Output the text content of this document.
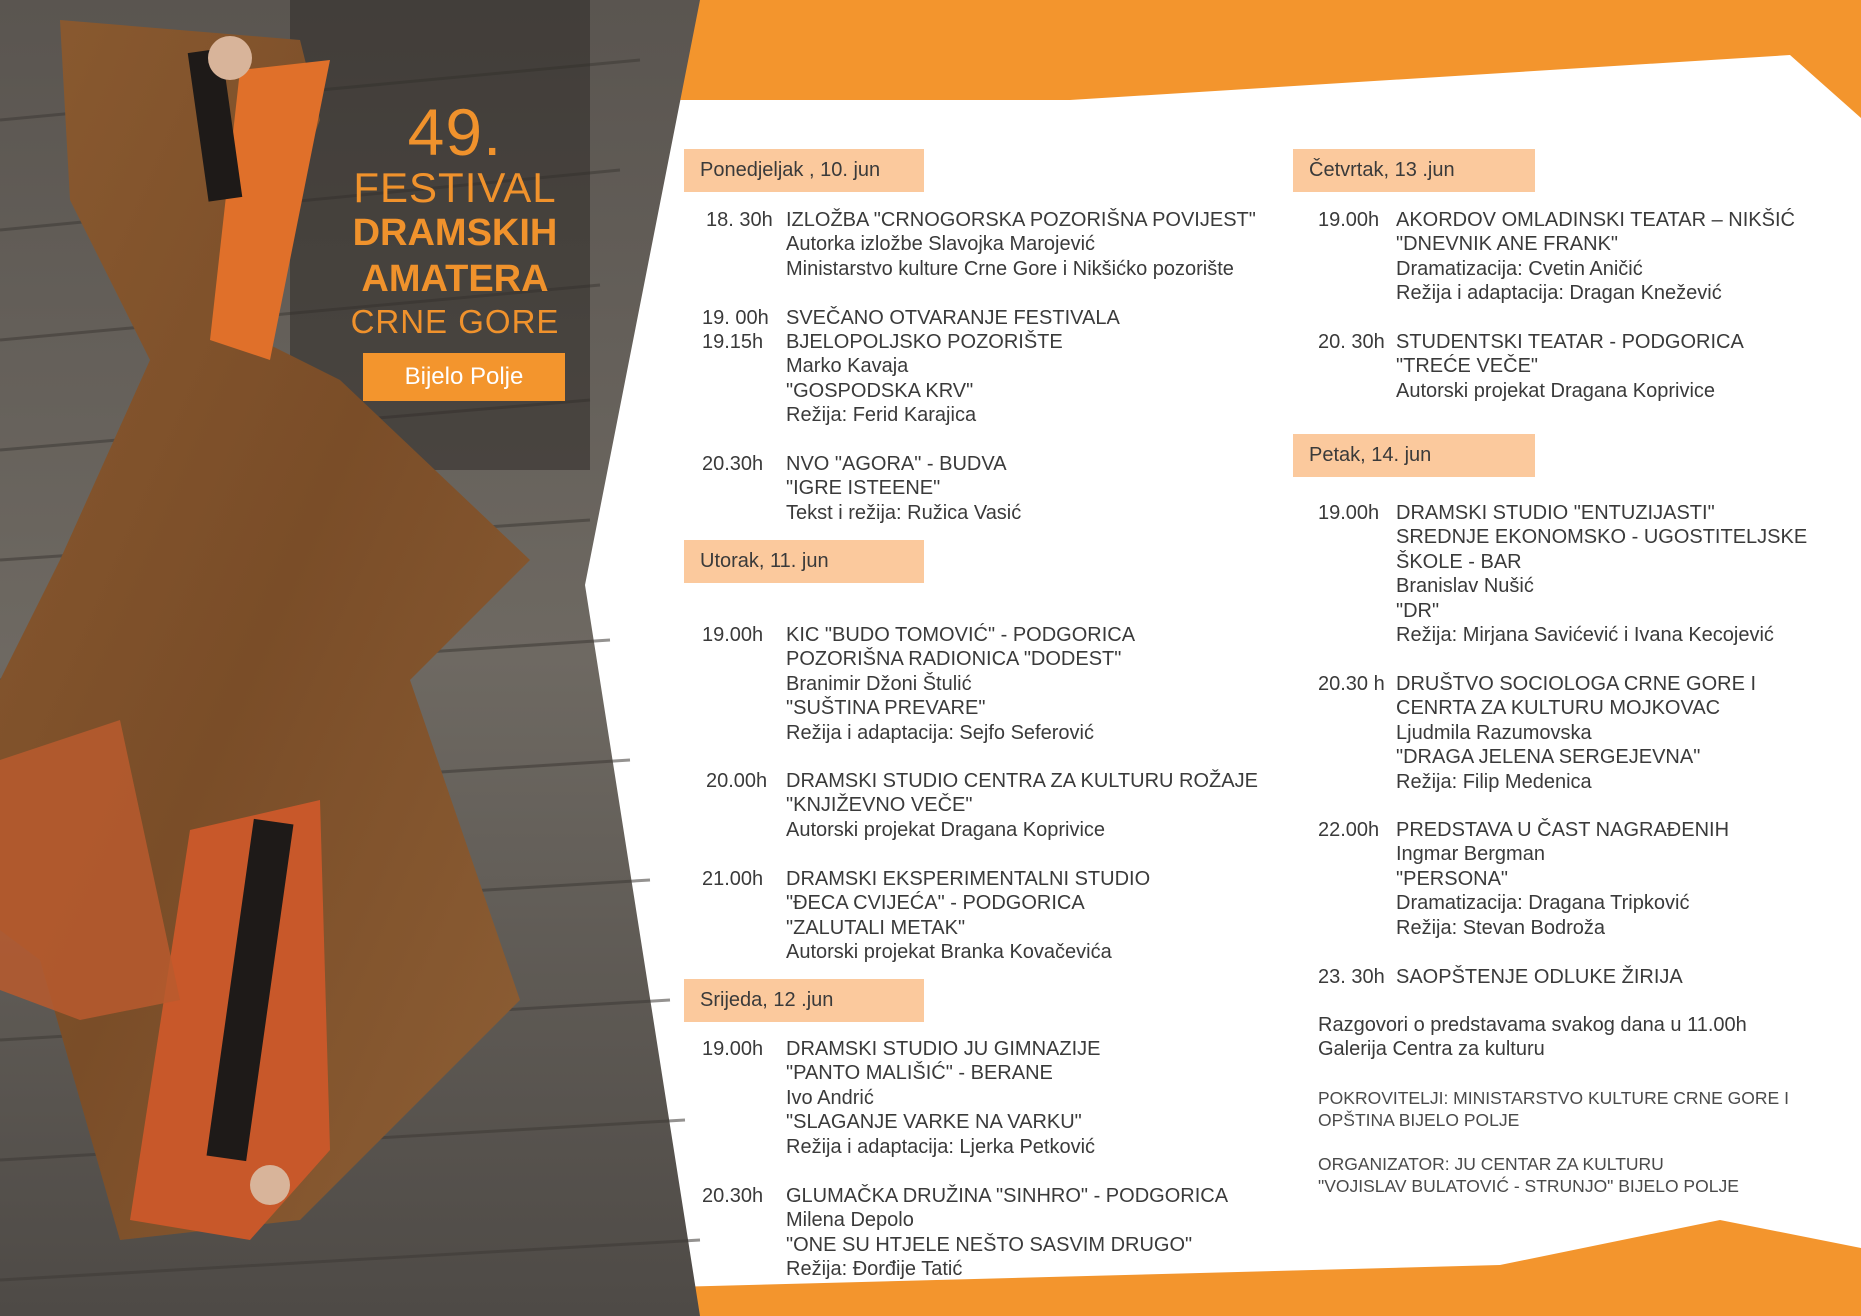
49.
FESTIVAL
DRAMSKIH
AMATERA
CRNE GORE
Bijelo Polje
Ponedjeljak , 10. jun
Utorak, 11. jun
Srijeda, 12 .jun
Četvrtak, 13 .jun
Petak, 14. jun
18. 30h IZLOŽBA "CRNOGORSKA POZORIŠNA POVIJEST"
Autorka izložbe Slavojka Marojević
Ministarstvo kulture Crne Gore i Nikšićko pozorište
19. 00h SVEČANO OTVARANJE FESTIVALA
19.15h BJELOPOLJSKO POZORIŠTE
Marko Kavaja
"GOSPODSKA KRV"
Režija: Ferid Karajica
20.30h NVO "AGORA" - BUDVA
"IGRE ISTEENE"
Tekst i režija: Ružica Vasić
19.00h KIC "BUDO TOMOVIĆ" - PODGORICA
POZORIŠNA RADIONICA "DODEST"
Branimir Džoni Štulić
"SUŠTINA PREVARE"
Režija i adaptacija: Sejfo Seferović
20.00h DRAMSKI STUDIO CENTRA ZA KULTURU ROŽAJE
"KNJIŽEVNO VEČE"
Autorski projekat Dragana Koprivice
21.00h DRAMSKI EKSPERIMENTALNI STUDIO
"ĐECA CVIJEĆA" - PODGORICA
"ZALUTALI METAK"
Autorski projekat Branka Kovačevića
19.00h DRAMSKI STUDIO JU GIMNAZIJE
"PANTO MALIŠIĆ" - BERANE
Ivo Andrić
"SLAGANJE VARKE NA VARKU"
Režija i adaptacija: Ljerka Petković
20.30h GLUMAČKA DRUŽINA "SINHRO" - PODGORICA
Milena Depolo
"ONE SU HTJELE NEŠTO SASVIM DRUGO"
Režija: Đorđije Tatić
19.00h AKORDOV OMLADINSKI TEATAR – NIKŠIĆ
"DNEVNIK ANE FRANK"
Dramatizacija: Cvetin Aničić
Režija i adaptacija: Dragan Knežević
20. 30h STUDENTSKI TEATAR - PODGORICA
"TREĆE VEČE"
Autorski projekat Dragana Koprivice
19.00h DRAMSKI STUDIO "ENTUZIJASTI"
SREDNJE EKONOMSKO - UGOSTITELJSKE
ŠKOLE - BAR
Branislav Nušić
"DR"
Režija: Mirjana Savićević i Ivana Kecojević
20.30 h DRUŠTVO SOCIOLOGA CRNE GORE I
CENRTA ZA KULTURU MOJKOVAC
Ljudmila Razumovska
"DRAGA JELENA SERGEJEVNA"
Režija: Filip Medenica
22.00h PREDSTAVA U ČAST NAGRAĐENIH
Ingmar Bergman
"PERSONA"
Dramatizacija: Dragana Tripković
Režija: Stevan Bodroža
23. 30h SAOPŠTENJE ODLUKE ŽIRIJA
Razgovori o predstavama svakog dana u 11.00h
Galerija Centra za kulturu
POKROVITELJI: MINISTARSTVO KULTURE CRNE GORE I
OPŠTINA BIJELO POLJE
ORGANIZATOR: JU CENTAR ZA KULTURU
"VOJISLAV BULATOVIĆ - STRUNJO" BIJELO POLJE
